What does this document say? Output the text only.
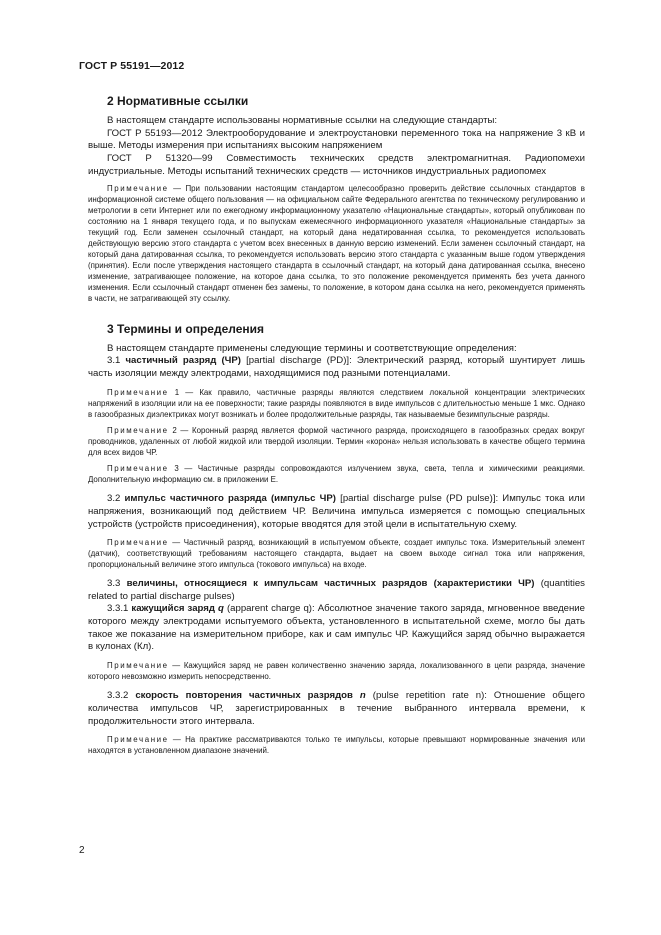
ГОСТ Р 55191—2012
2 Нормативные ссылки

В настоящем стандарте использованы нормативные ссылки на следующие стандарты:

ГОСТ Р 55193—2012 Электрооборудование и электроустановки переменного тока на напряжение 3 кВ и выше. Методы измерения при испытаниях высоким напряжением

ГОСТ Р 51320—99 Совместимость технических средств электромагнитная. Радиопомехи индустриальные. Методы испытаний технических средств — источников индустриальных радиопомех

Примечание — При пользовании настоящим стандартом целесообразно проверить действие ссылочных стандартов в информационной системе общего пользования — на официальном сайте Федерального агентства по техническому регулированию и метрологии в сети Интернет или по ежегодному информационному указателю «Национальные стандарты», который опубликован по состоянию на 1 января текущего года, и по выпускам ежемесячного информационного указателя «Национальные стандарты» за текущий год. Если заменен ссылочный стандарт, на который дана недатированная ссылка, то рекомендуется использовать действующую версию этого стандарта с учетом всех внесенных в данную версию изменений. Если заменен ссылочный стандарт, на который дана датированная ссылка, то рекомендуется использовать версию этого стандарта с указанным выше годом утверждения (принятия). Если после утверждения настоящего стандарта в ссылочный стандарт, на который дана датированная ссылка, внесено изменение, затрагивающее положение, на которое дана ссылка, то это положение рекомендуется применять без учета данного изменения. Если ссылочный стандарт отменен без замены, то положение, в котором дана ссылка на него, рекомендуется применять в части, не затрагивающей эту ссылку.

3 Термины и определения

В настоящем стандарте применены следующие термины и соответствующие определения:

3.1 частичный разряд (ЧР) [partial discharge (PD)]: Электрический разряд, который шунтирует лишь часть изоляции между электродами, находящимися под разными потенциалами.

Примечание 1 — Как правило, частичные разряды являются следствием локальной концентрации электрических напряжений в изоляции или на ее поверхности; такие разряды появляются в виде импульсов с длительностью меньше 1 мкс. Однако в газообразных диэлектриках могут возникать и более продолжительные разряды, так называемые безимпульсные разряды.

Примечание 2 — Коронный разряд является формой частичного разряда, происходящего в газообразных средах вокруг проводников, удаленных от любой жидкой или твердой изоляции. Термин «корона» нельзя использовать в качестве общего термина для всех видов ЧР.

Примечание 3 — Частичные разряды сопровождаются излучением звука, света, тепла и химическими реакциями. Дополнительную информацию см. в приложении Е.

3.2 импульс частичного разряда (импульс ЧР) [partial discharge pulse (PD pulse)]: Импульс тока или напряжения, возникающий под действием ЧР. Величина импульса измеряется с помощью специальных устройств (устройств присоединения), которые вводятся для этой цели в испытательную схему.

Примечание — Частичный разряд, возникающий в испытуемом объекте, создает импульс тока. Измерительный элемент (датчик), соответствующий требованиям настоящего стандарта, выдает на своем выходе сигнал тока или напряжения, пропорциональный величине этого импульса (токового импульса) на входе.

3.3 величины, относящиеся к импульсам частичных разрядов (характеристики ЧР) (quantities related to partial discharge pulses)

3.3.1 кажущийся заряд q (apparent charge q): Абсолютное значение такого заряда, мгновенное введение которого между электродами испытуемого объекта, установленного в испытательной схеме, могло бы дать такое же показание на измерительном приборе, как и сам импульс ЧР. Кажущийся заряд обычно выражается в кулонах (Кл).

Примечание — Кажущийся заряд не равен количественно значению заряда, локализованного в цепи разряда, значение которого невозможно измерить непосредственно.

3.3.2 скорость повторения частичных разрядов n (pulse repetition rate n): Отношение общего количества импульсов ЧР, зарегистрированных в течение выбранного интервала времени, к продолжительности этого интервала.

Примечание — На практике рассматриваются только те импульсы, которые превышают нормированные значения или находятся в установленном диапазоне значений.

2
